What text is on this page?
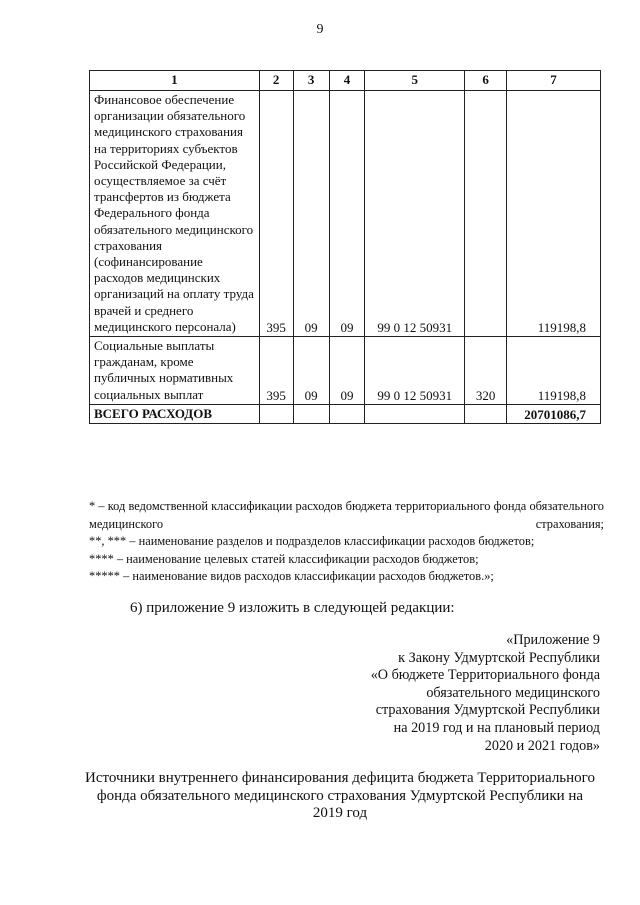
9
1	2	3	4	5	6	7
Финансовое обеспечение организации обязательного медицинского страхования на территориях субъектов Российской Федерации, осуществляемое за счёт трансфертов из бюджета Федерального фонда обязательного медицинского страхования (софинансирование расходов медицинских организаций на оплату труда врачей и среднего медицинского персонала)	395	09	09	99 0 12 50931		119198,8
Социальные выплаты гражданам, кроме публичных нормативных социальных выплат	395	09	09	99 0 12 50931	320	119198,8
ВСЕГО РАСХОДОВ						20701086,7

* – код ведомственной классификации расходов бюджета территориального фонда обязательного медицинского страхования;

**, *** – наименование разделов и подразделов классификации расходов бюджетов;

**** – наименование целевых статей классификации расходов бюджетов;

***** – наименование видов расходов классификации расходов бюджетов.»;

6) приложение 9 изложить в следующей редакции:
«Приложение 9
к Закону Удмуртской Республики
«О бюджете Территориального фонда
обязательного медицинского
страхования Удмуртской Республики
на 2019 год и на плановый период
2020 и 2021 годов»
Источники внутреннего финансирования дефицита бюджета Территориального
фонда обязательного медицинского страхования Удмуртской Республики на
2019 год
